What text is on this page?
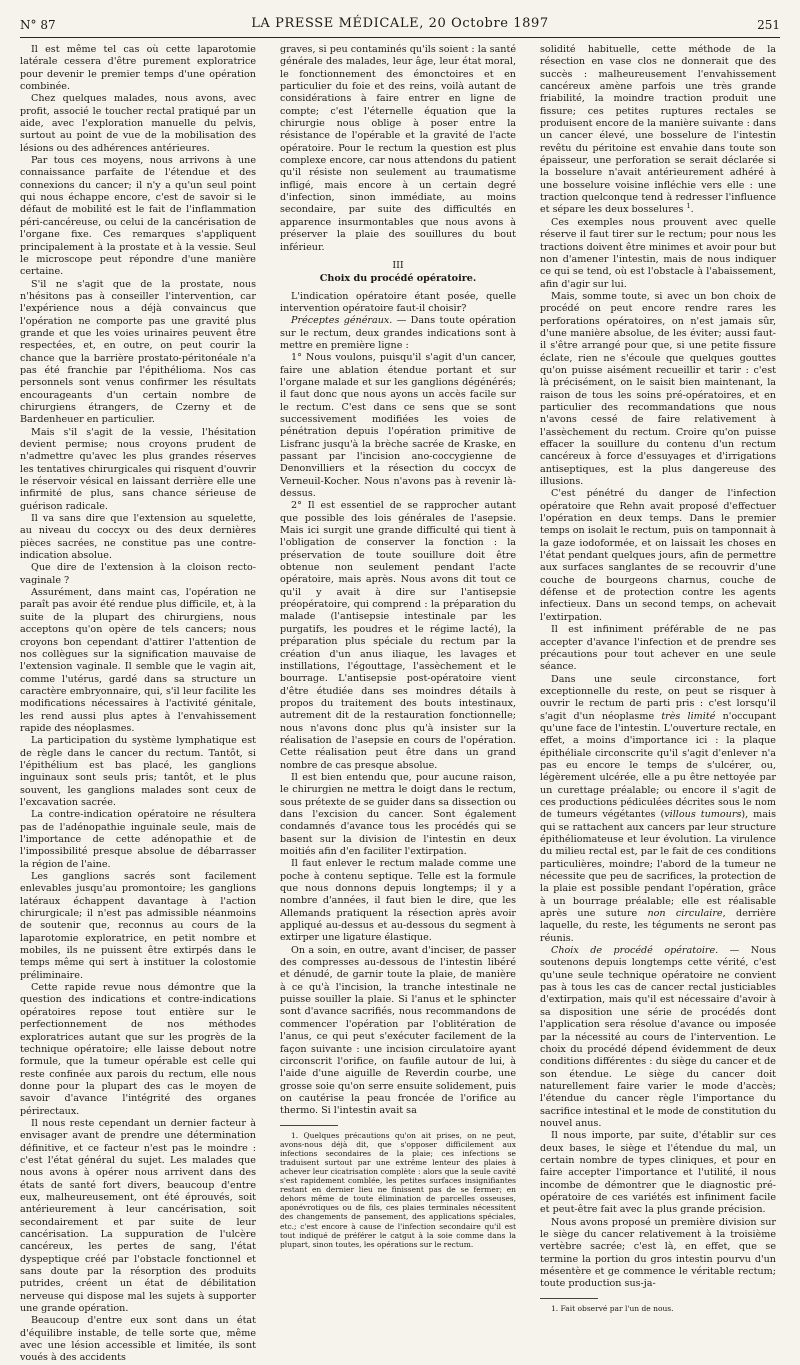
N° 87	LA PRESSE MÉDICALE, 20 Octobre 1897	251

Il est même tel cas où cette laparotomie latérale cessera d'être purement exploratrice pour devenir le premier temps d'une opération combinée.

Chez quelques malades, nous avons, avec profit, associé le toucher rectal pratiqué par un aide, avec l'exploration manuelle du pelvis, surtout au point de vue de la mobilisation des lésions ou des adhérences antérieures.

Par tous ces moyens, nous arrivons à une connaissance parfaite de l'étendue et des connexions du cancer; il n'y a qu'un seul point qui nous échappe encore, c'est de savoir si le défaut de mobilité est le fait de l'inflammation péri-cancéreuse, ou celui de la cancérisation de l'organe fixe. Ces remarques s'appliquent principalement à la prostate et à la vessie. Seul le microscope peut répondre d'une manière certaine.

S'il ne s'agit que de la prostate, nous n'hésitons pas à conseiller l'intervention, car l'expérience nous a déjà convaincus que l'opération ne comporte pas une gravité plus grande et que les voies urinaires peuvent être respectées, et, en outre, on peut courir la chance que la barrière prostato-péritonéale n'a pas été franchie par l'épithélioma. Nos cas personnels sont venus confirmer les résultats encourageants d'un certain nombre de chirurgiens étrangers, de Czerny et de Bardenheuer en particulier.

Mais s'il s'agit de la vessie, l'hésitation devient permise; nous croyons prudent de n'admettre qu'avec les plus grandes réserves les tentatives chirurgicales qui risquent d'ouvrir le réservoir vésical en laissant derrière elle une infirmité de plus, sans chance sérieuse de guérison radicale.

Il va sans dire que l'extension au squelette, au niveau du coccyx ou des deux dernières pièces sacrées, ne constitue pas une contre-indication absolue.

Que dire de l'extension à la cloison recto-vaginale ?

Assurément, dans maint cas, l'opération ne paraît pas avoir été rendue plus difficile, et, à la suite de la plupart des chirurgiens, nous acceptons qu'on opère de tels cancers; nous croyons bon cependant d'attirer l'attention de nos collègues sur la signification mauvaise de l'extension vaginale. Il semble que le vagin ait, comme l'utérus, gardé dans sa structure un caractère embryonnaire, qui, s'il leur facilite les modifications nécessaires à l'activité génitale, les rend aussi plus aptes à l'envahissement rapide des néoplasmes.

La participation du système lymphatique est de règle dans le cancer du rectum. Tantôt, si l'épithélium est bas placé, les ganglions inguinaux sont seuls pris; tantôt, et le plus souvent, les ganglions malades sont ceux de l'excavation sacrée.

La contre-indication opératoire ne résultera pas de l'adénopathie inguinale seule, mais de l'importance de cette adénopathie et de l'impossibilité presque absolue de débarrasser la région de l'aine.

Les ganglions sacrés sont facilement enlevables jusqu'au promontoire; les ganglions latéraux échappent davantage à l'action chirurgicale; il n'est pas admissible néanmoins de soutenir que, reconnus au cours de la laparotomie exploratrice, en petit nombre et mobiles, ils ne puissent être extirpés dans le temps même qui sert à instituer la colostomie préliminaire.

Cette rapide revue nous démontre que la question des indications et contre-indications opératoires repose tout entière sur le perfectionnement de nos méthodes exploratrices autant que sur les progrès de la technique opératoire; elle laisse debout notre formule, que la tumeur opérable est celle qui reste confinée aux parois du rectum, elle nous donne pour la plupart des cas le moyen de savoir d'avance l'intégrité des organes périrectaux.

Il nous reste cependant un dernier facteur à envisager avant de prendre une détermination définitive, et ce facteur n'est pas le moindre : c'est l'état général du sujet. Les malades que nous avons à opérer nous arrivent dans des états de santé fort divers, beaucoup d'entre eux, malheureusement, ont été éprouvés, soit antérieurement à leur cancérisation, soit secondairement et par suite de leur cancérisation. La suppuration de l'ulcère cancéreux, les pertes de sang, l'état dyspeptique créé par l'obstacle fonctionnel et sans doute par la résorption des produits putrides, créent un état de débilitation nerveuse qui dispose mal les sujets à supporter une grande opération.

Beaucoup d'entre eux sont dans un état d'équilibre instable, de telle sorte que, même avec une lésion accessible et limitée, ils sont voués à des accidents

graves, si peu contaminés qu'ils soient : la santé générale des malades, leur âge, leur état moral, le fonctionnement des émonctoires et en particulier du foie et des reins, voilà autant de considérations à faire entrer en ligne de compte; c'est l'éternelle équation que la chirurgie nous oblige à poser entre la résistance de l'opérable et la gravité de l'acte opératoire. Pour le rectum la question est plus complexe encore, car nous attendons du patient qu'il résiste non seulement au traumatisme infligé, mais encore à un certain degré d'infection, sinon immédiate, au moins secondaire, par suite des difficultés en apparence insurmontables que nous avons à préserver la plaie des souillures du bout inférieur.

III
Choix du procédé opératoire.

L'indication opératoire étant posée, quelle intervention opératoire faut-il choisir?

Préceptes généraux. — Dans toute opération sur le rectum, deux grandes indications sont à mettre en première ligne :

1° Nous voulons, puisqu'il s'agit d'un cancer, faire une ablation étendue portant et sur l'organe malade et sur les ganglions dégénérés; il faut donc que nous ayons un accès facile sur le rectum. C'est dans ce sens que se sont successivement modifiées les voies de pénétration depuis l'opération primitive de Lisfranc jusqu'à la brèche sacrée de Kraske, en passant par l'incision ano-coccygienne de Denonvilliers et la résection du coccyx de Verneuil-Kocher. Nous n'avons pas à revenir là-dessus.

2° Il est essentiel de se rapprocher autant que possible des lois générales de l'asepsie. Mais ici surgit une grande difficulté qui tient à l'obligation de conserver la fonction : la préservation de toute souillure doit être obtenue non seulement pendant l'acte opératoire, mais après. Nous avons dit tout ce qu'il y avait à dire sur l'antisepsie préopératoire, qui comprend : la préparation du malade (l'antisepsie intestinale par les purgatifs, les poudres et le régime lacté), la préparation plus spéciale du rectum par la création d'un anus iliaque, les lavages et instillations, l'égouttage, l'assèchement et le bourrage. L'antisepsie post-opératoire vient d'être étudiée dans ses moindres détails à propos du traitement des bouts intestinaux, autrement dit de la restauration fonctionnelle; nous n'avons donc plus qu'à insister sur la réalisation de l'asepsie en cours de l'opération. Cette réalisation peut être dans un grand nombre de cas presque absolue.

Il est bien entendu que, pour aucune raison, le chirurgien ne mettra le doigt dans le rectum, sous prétexte de se guider dans sa dissection ou dans l'excision du cancer. Sont également condamnés d'avance tous les procédés qui se basent sur la division de l'intestin en deux moitiés afin d'en faciliter l'extirpation.

Il faut enlever le rectum malade comme une poche à contenu septique. Telle est la formule que nous donnons depuis longtemps; il y a nombre d'années, il faut bien le dire, que les Allemands pratiquent la résection après avoir appliqué au-dessus et au-dessous du segment à extirper une ligature élastique.

On a soin, en outre, avant d'inciser, de passer des compresses au-dessous de l'intestin libéré et dénudé, de garnir toute la plaie, de manière à ce qu'à l'incision, la tranche intestinale ne puisse souiller la plaie. Si l'anus et le sphincter sont d'avance sacrifiés, nous recommandons de commencer l'opération par l'oblitération de l'anus, ce qui peut s'exécuter facilement de la façon suivante : une incision circulatoire ayant circonscrit l'orifice, on faufile autour de lui, à l'aide d'une aiguille de Reverdin courbe, une grosse soie qu'on serre ensuite solidement, puis on cautérise la peau froncée de l'orifice au thermo. Si l'intestin avait sa

1. Quelques précautions qu'on ait prises, on ne peut, avons-nous déjà dit, que s'opposer difficilement aux infections secondaires de la plaie; ces infections se traduisent surtout par une extrême lenteur des plaies à achever leur cicatrisation complète : alors que la seule cavité s'est rapidement comblée, les petites surfaces insignifiantes restant en dernier lieu ne finissent pas de se fermer; en dehors même de toute élimination de parcelles osseuses, aponévrotiques ou de fils, ces plaies terminales nécessitent des changements de pansement, des applications spéciales, etc.; c'est encore à cause de l'infection secondaire qu'il est tout indiqué de préférer le catgut à la soie comme dans la plupart, sinon toutes, les opérations sur le rectum.

solidité habituelle, cette méthode de la résection en vase clos ne donnerait que des succès : malheureusement l'envahissement cancéreux amène parfois une très grande friabilité, la moindre traction produit une fissure; ces petites ruptures rectales se produisent encore de la manière suivante : dans un cancer élevé, une bosselure de l'intestin revêtu du péritoine est envahie dans toute son épaisseur, une perforation se serait déclarée si la bosselure n'avait antérieurement adhéré à une bosselure voisine infléchie vers elle : une traction quelconque tend à redresser l'influence et sépare les deux bosselures $^1$.

Ces exemples nous prouvent avec quelle réserve il faut tirer sur le rectum; pour nous les tractions doivent être minimes et avoir pour but non d'amener l'intestin, mais de nous indiquer ce qui se tend, où est l'obstacle à l'abaissement, afin d'agir sur lui.

Mais, somme toute, si avec un bon choix de procédé on peut encore rendre rares les perforations opératoires, on n'est jamais sûr, d'une manière absolue, de les éviter; aussi faut-il s'être arrangé pour que, si une petite fissure éclate, rien ne s'écoule que quelques gouttes qu'on puisse aisément recueillir et tarir : c'est là précisément, on le saisit bien maintenant, la raison de tous les soins pré-opératoires, et en particulier des recommandations que nous n'avons cessé de faire relativement à l'assèchement du rectum. Croire qu'on puisse effacer la souillure du contenu d'un rectum cancéreux à force d'essuyages et d'irrigations antiseptiques, est la plus dangereuse des illusions.

C'est pénétré du danger de l'infection opératoire que Rehn avait proposé d'effectuer l'opération en deux temps. Dans le premier temps on isolait le rectum, puis on tamponnait à la gaze iodoformée, et on laissait les choses en l'état pendant quelques jours, afin de permettre aux surfaces sanglantes de se recouvrir d'une couche de bourgeons charnus, couche de défense et de protection contre les agents infectieux. Dans un second temps, on achevait l'extirpation.

Il est infiniment préférable de ne pas accepter d'avance l'infection et de prendre ses précautions pour tout achever en une seule séance.

Dans une seule circonstance, fort exceptionnelle du reste, on peut se risquer à ouvrir le rectum de parti pris : c'est lorsqu'il s'agit d'un néoplasme très limité n'occupant qu'une face de l'intestin. L'ouverture rectale, en effet, a moins d'importance ici : la plaque épithéliale circonscrite qu'il s'agit d'enlever n'a pas eu encore le temps de s'ulcérer, ou, légèrement ulcérée, elle a pu être nettoyée par un curettage préalable; ou encore il s'agit de ces productions pédiculées décrites sous le nom de tumeurs végétantes (villous tumours), mais qui se rattachent aux cancers par leur structure épithéliomateuse et leur évolution. La virulence du milieu rectal est, par le fait de ces conditions particulières, moindre; l'abord de la tumeur ne nécessite que peu de sacrifices, la protection de la plaie est possible pendant l'opération, grâce à un bourrage préalable; elle est réalisable après une suture non circulaire, derrière laquelle, du reste, les téguments ne seront pas réunis.

Choix de procédé opératoire. — Nous soutenons depuis longtemps cette vérité, c'est qu'une seule technique opératoire ne convient pas à tous les cas de cancer rectal justiciables d'extirpation, mais qu'il est nécessaire d'avoir à sa disposition une série de procédés dont l'application sera résolue d'avance ou imposée par la nécessité au cours de l'intervention. Le choix du procédé dépend évidemment de deux conditions différentes : du siège du cancer et de son étendue. Le siège du cancer doit naturellement faire varier le mode d'accès; l'étendue du cancer règle l'importance du sacrifice intestinal et le mode de constitution du nouvel anus.

Il nous importe, par suite, d'établir sur ces deux bases, le siège et l'étendue du mal, un certain nombre de types cliniques, et pour en faire accepter l'importance et l'utilité, il nous incombe de démontrer que le diagnostic pré-opératoire de ces variétés est infiniment facile et peut-être fait avec la plus grande précision.

Nous avons proposé un première division sur le siège du cancer relativement à la troisième vertèbre sacrée; c'est là, en effet, que se termine la portion du gros intestin pourvu d'un mésentère et ge commence le véritable rectum; toute production sus-ja-

1. Fait observé par l'un de nous.
